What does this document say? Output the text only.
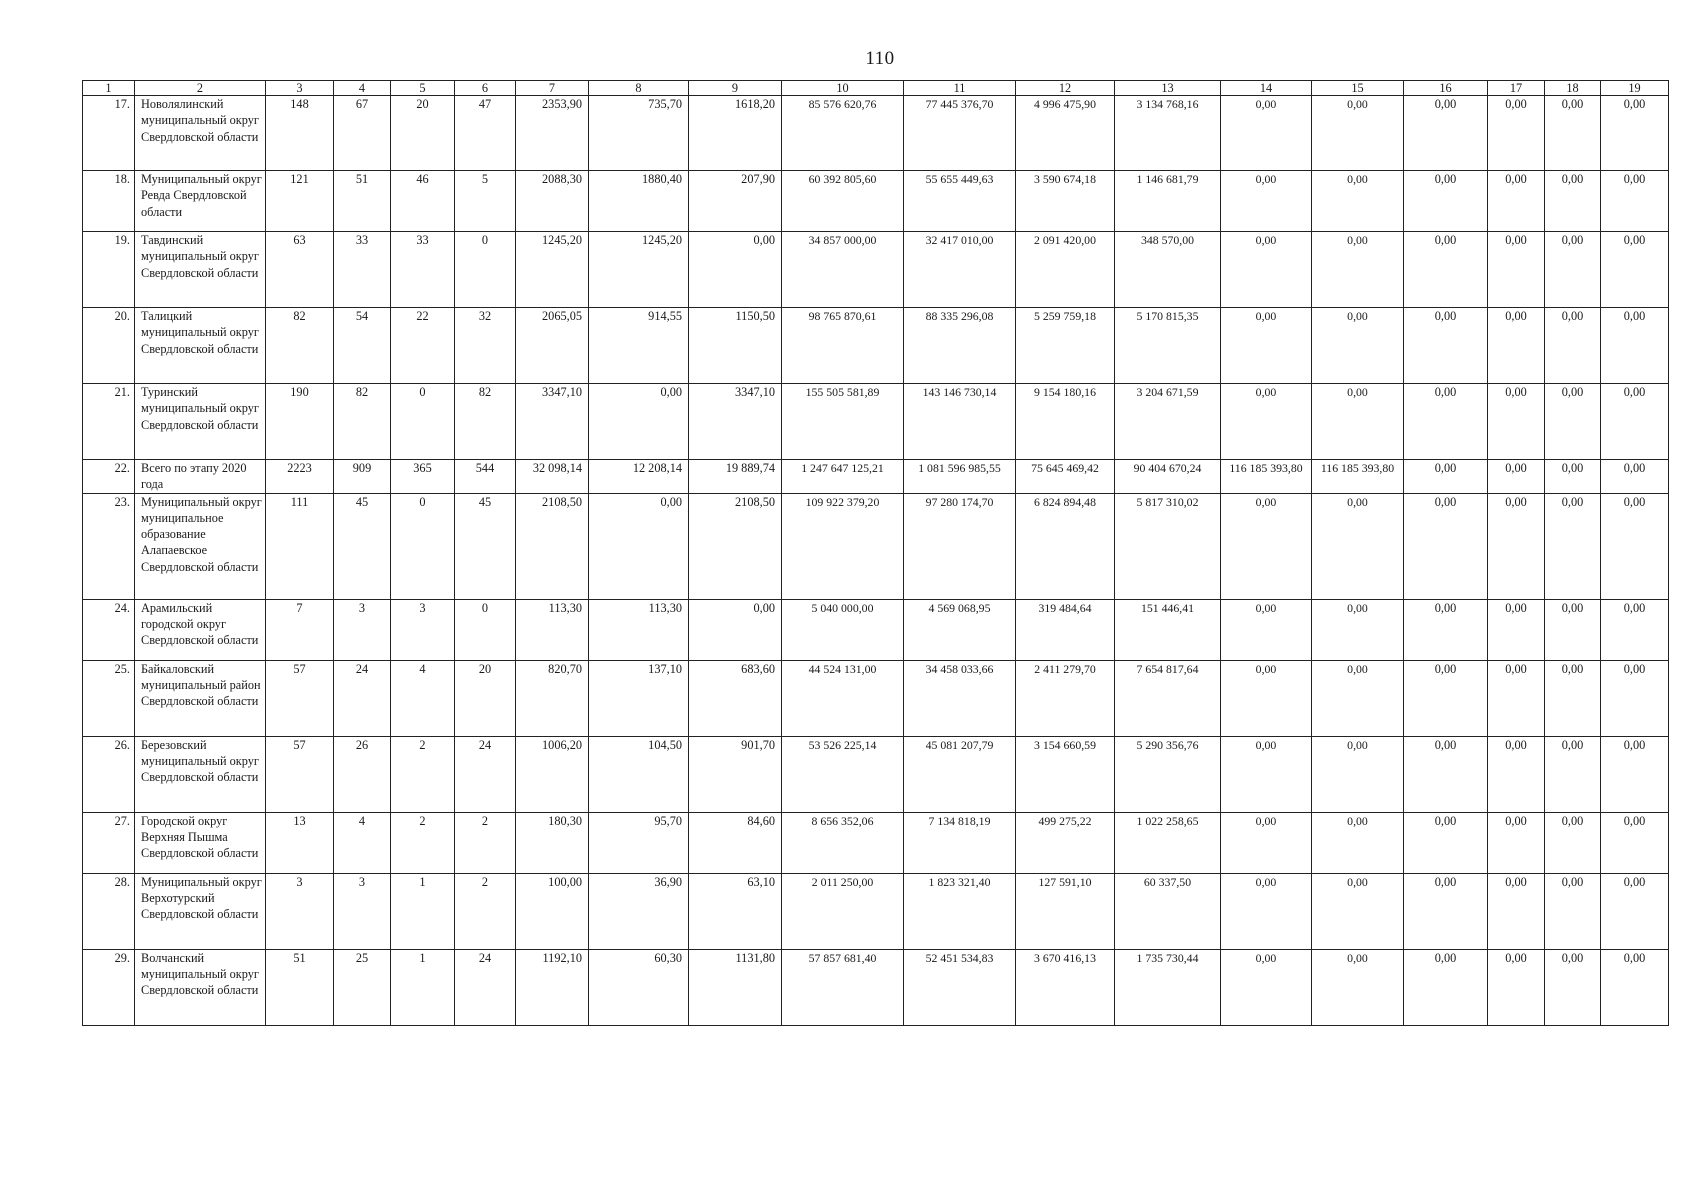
110
1	2	3	4	5	6	7	8	9	10	11	12	13	14	15	16	17	18	19
17.	Новолялинский муниципальный округ Свердловской области	148	67	20	47	2353,90	735,70	1618,20	85 576 620,76	77 445 376,70	4 996 475,90	3 134 768,16	0,00	0,00	0,00	0,00	0,00	0,00
18.	Муниципальный округ Ревда Свердловской области	121	51	46	5	2088,30	1880,40	207,90	60 392 805,60	55 655 449,63	3 590 674,18	1 146 681,79	0,00	0,00	0,00	0,00	0,00	0,00
19.	Тавдинский муниципальный округ Свердловской области	63	33	33	0	1245,20	1245,20	0,00	34 857 000,00	32 417 010,00	2 091 420,00	348 570,00	0,00	0,00	0,00	0,00	0,00	0,00
20.	Талицкий муниципальный округ Свердловской области	82	54	22	32	2065,05	914,55	1150,50	98 765 870,61	88 335 296,08	5 259 759,18	5 170 815,35	0,00	0,00	0,00	0,00	0,00	0,00
21.	Туринский муниципальный округ Свердловской области	190	82	0	82	3347,10	0,00	3347,10	155 505 581,89	143 146 730,14	9 154 180,16	3 204 671,59	0,00	0,00	0,00	0,00	0,00	0,00
22.	Всего по этапу 2020 года	2223	909	365	544	32 098,14	12 208,14	19 889,74	1 247 647 125,21	1 081 596 985,55	75 645 469,42	90 404 670,24	116 185 393,80	116 185 393,80	0,00	0,00	0,00	0,00
23.	Муниципальный округ муниципальное образование Алапаевское Свердловской области	111	45	0	45	2108,50	0,00	2108,50	109 922 379,20	97 280 174,70	6 824 894,48	5 817 310,02	0,00	0,00	0,00	0,00	0,00	0,00
24.	Арамильский городской округ Свердловской области	7	3	3	0	113,30	113,30	0,00	5 040 000,00	4 569 068,95	319 484,64	151 446,41	0,00	0,00	0,00	0,00	0,00	0,00
25.	Байкаловский муниципальный район Свердловской области	57	24	4	20	820,70	137,10	683,60	44 524 131,00	34 458 033,66	2 411 279,70	7 654 817,64	0,00	0,00	0,00	0,00	0,00	0,00
26.	Березовский муниципальный округ Свердловской области	57	26	2	24	1006,20	104,50	901,70	53 526 225,14	45 081 207,79	3 154 660,59	5 290 356,76	0,00	0,00	0,00	0,00	0,00	0,00
27.	Городской округ Верхняя Пышма Свердловской области	13	4	2	2	180,30	95,70	84,60	8 656 352,06	7 134 818,19	499 275,22	1 022 258,65	0,00	0,00	0,00	0,00	0,00	0,00
28.	Муниципальный округ Верхотурский Свердловской области	3	3	1	2	100,00	36,90	63,10	2 011 250,00	1 823 321,40	127 591,10	60 337,50	0,00	0,00	0,00	0,00	0,00	0,00
29.	Волчанский муниципальный округ Свердловской области	51	25	1	24	1192,10	60,30	1131,80	57 857 681,40	52 451 534,83	3 670 416,13	1 735 730,44	0,00	0,00	0,00	0,00	0,00	0,00
